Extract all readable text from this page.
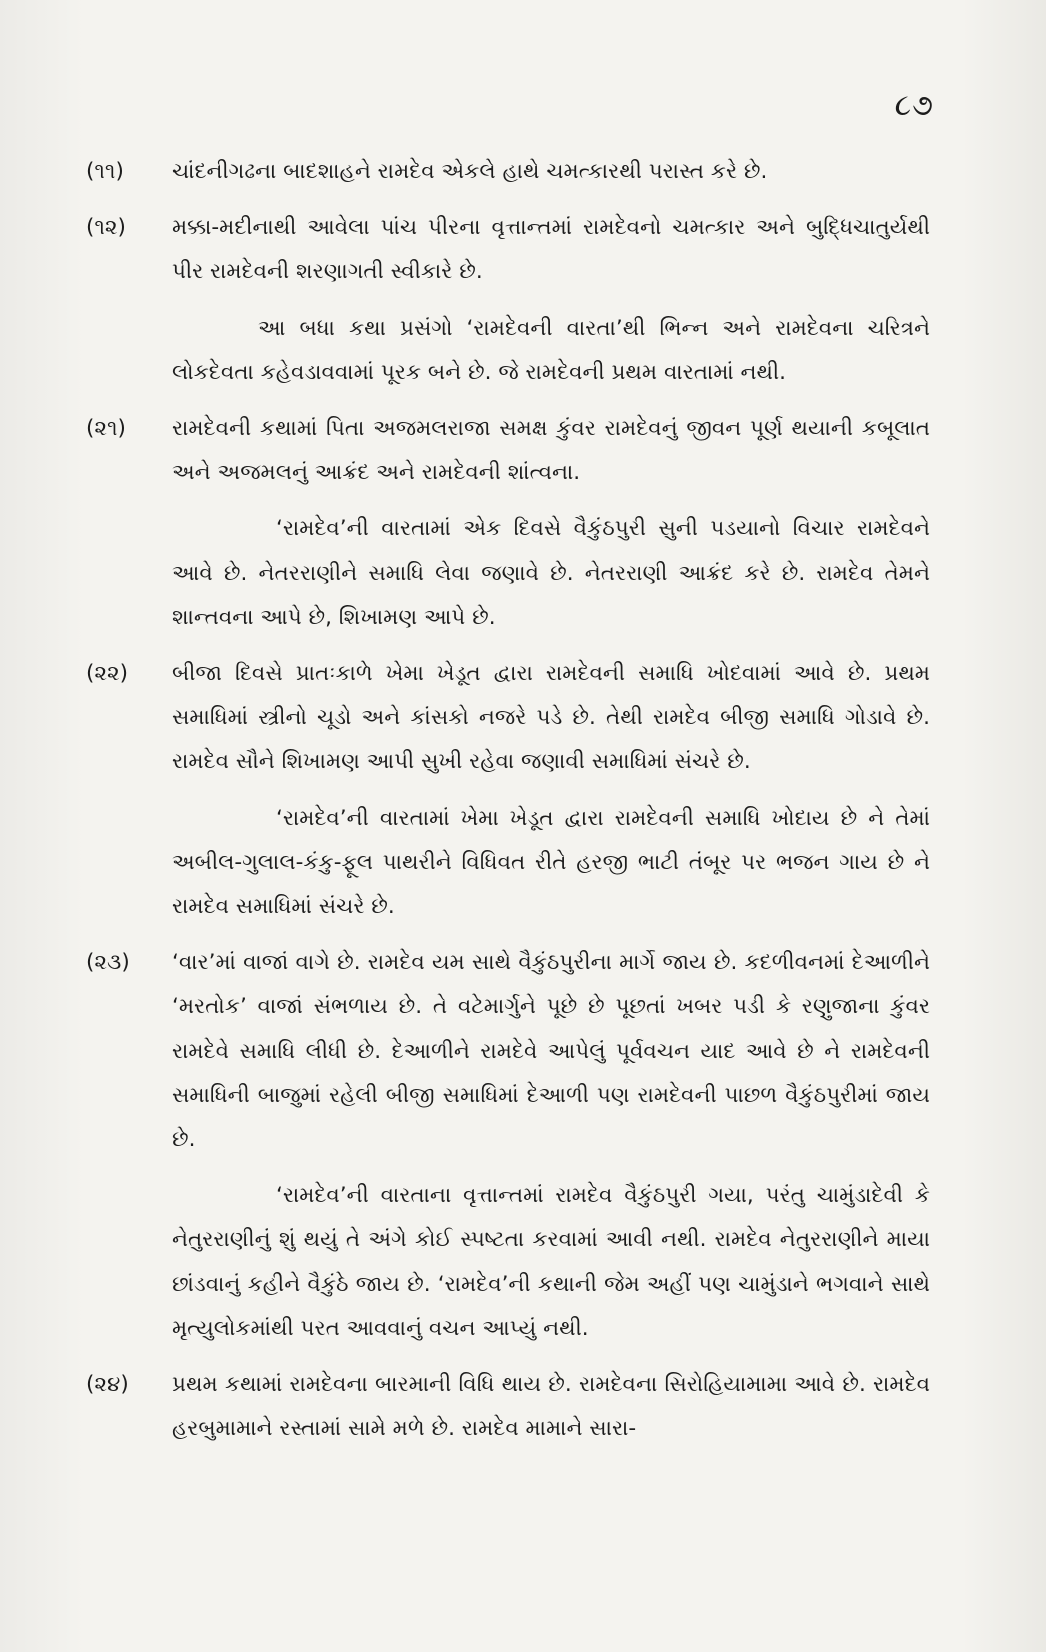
૮૭
(૧૧)	ચાંદનીગઢના બાદશાહને રામદેવ એકલે હાથે ચમત્કારથી પરાસ્ત કરે છે.

(૧૨)	મક્કા-મદીનાથી આવેલા પાંચ પીરના વૃત્તાન્તમાં રામદેવનો ચમત્કાર અને બુદ્ધિચાતુર્યથી પીર રામદેવની શરણાગતી સ્વીકારે છે.

આ બધા કથા પ્રસંગો ‘રામદેવની વારતા’થી ભિન્ન અને રામદેવના ચરિત્રને લોકદેવતા કહેવડાવવામાં પૂરક બને છે. જે રામદેવની પ્રથમ વારતામાં નથી.

(૨૧)	રામદેવની કથામાં પિતા અજમલરાજા સમક્ષ કુંવર રામદેવનું જીવન પૂર્ણ થયાની કબૂલાત અને અજમલનું આક્રંદ અને રામદેવની શાંત્વના.

‘રામદેવ’ની વારતામાં એક દિવસે વૈકુંઠપુરી સુની પડયાનો વિચાર રામદેવને આવે છે. નેતરરાણીને સમાધિ લેવા જણાવે છે. નેતરરાણી આક્રંદ કરે છે. રામદેવ તેમને શાન્તવના આપે છે, શિખામણ આપે છે.

(૨૨)	બીજા દિવસે પ્રાતઃકાળે ખેમા ખેડૂત દ્વારા રામદેવની સમાધિ ખોદવામાં આવે છે. પ્રથમ સમાધિમાં સ્ત્રીનો ચૂડો અને કાંસકો નજરે પડે છે. તેથી રામદેવ બીજી સમાધિ ગોડાવે છે. રામદેવ સૌને શિખામણ આપી સુખી રહેવા જણાવી સમાધિમાં સંચરે છે.

‘રામદેવ’ની વારતામાં ખેમા ખેડૂત દ્વારા રામદેવની સમાધિ ખોદાય છે ને તેમાં અબીલ-ગુલાલ-કંકુ-ફૂલ પાથરીને વિધિવત રીતે હરજી ભાટી તંબૂર પર ભજન ગાય છે ને રામદેવ સમાધિમાં સંચરે છે.

(૨૩)	‘વાર’માં વાજાં વાગે છે. રામદેવ યમ સાથે વૈકુંઠપુરીના માર્ગે જાય છે. કદળીવનમાં દેઆળીને ‘મરતોક’ વાજાં સંભળાય છે. તે વટેમાર્ગુને પૂછે છે પૂછતાં ખબર પડી કે રણુજાના કુંવર રામદેવે સમાધિ લીધી છે. દેઆળીને રામદેવે આપેલું પૂર્વવચન યાદ આવે છે ને રામદેવની સમાધિની બાજુમાં રહેલી બીજી સમાધિમાં દેઆળી પણ રામદેવની પાછળ વૈકુંઠપુરીમાં જાય છે.

‘રામદેવ’ની વારતાના વૃત્તાન્તમાં રામદેવ વૈકુંઠપુરી ગયા, પરંતુ ચામુંડાદેવી કે નેતુરરાણીનું શું થયું તે અંગે કોઈ સ્પષ્ટતા કરવામાં આવી નથી. રામદેવ નેતુરરાણીને માયા છાંડવાનું કહીને વૈકુંઠે જાય છે. ‘રામદેવ’ની કથાની જેમ અહીં પણ ચામુંડાને ભગવાને સાથે મૃત્યુલોકમાંથી પરત આવવાનું વચન આપ્યું નથી.

(૨૪)	પ્રથમ કથામાં રામદેવના બારમાની વિધિ થાય છે. રામદેવના સિરોહિયામામા આવે છે. રામદેવ હરબુમામાને રસ્તામાં સામે મળે છે. રામદેવ મામાને સારા-
